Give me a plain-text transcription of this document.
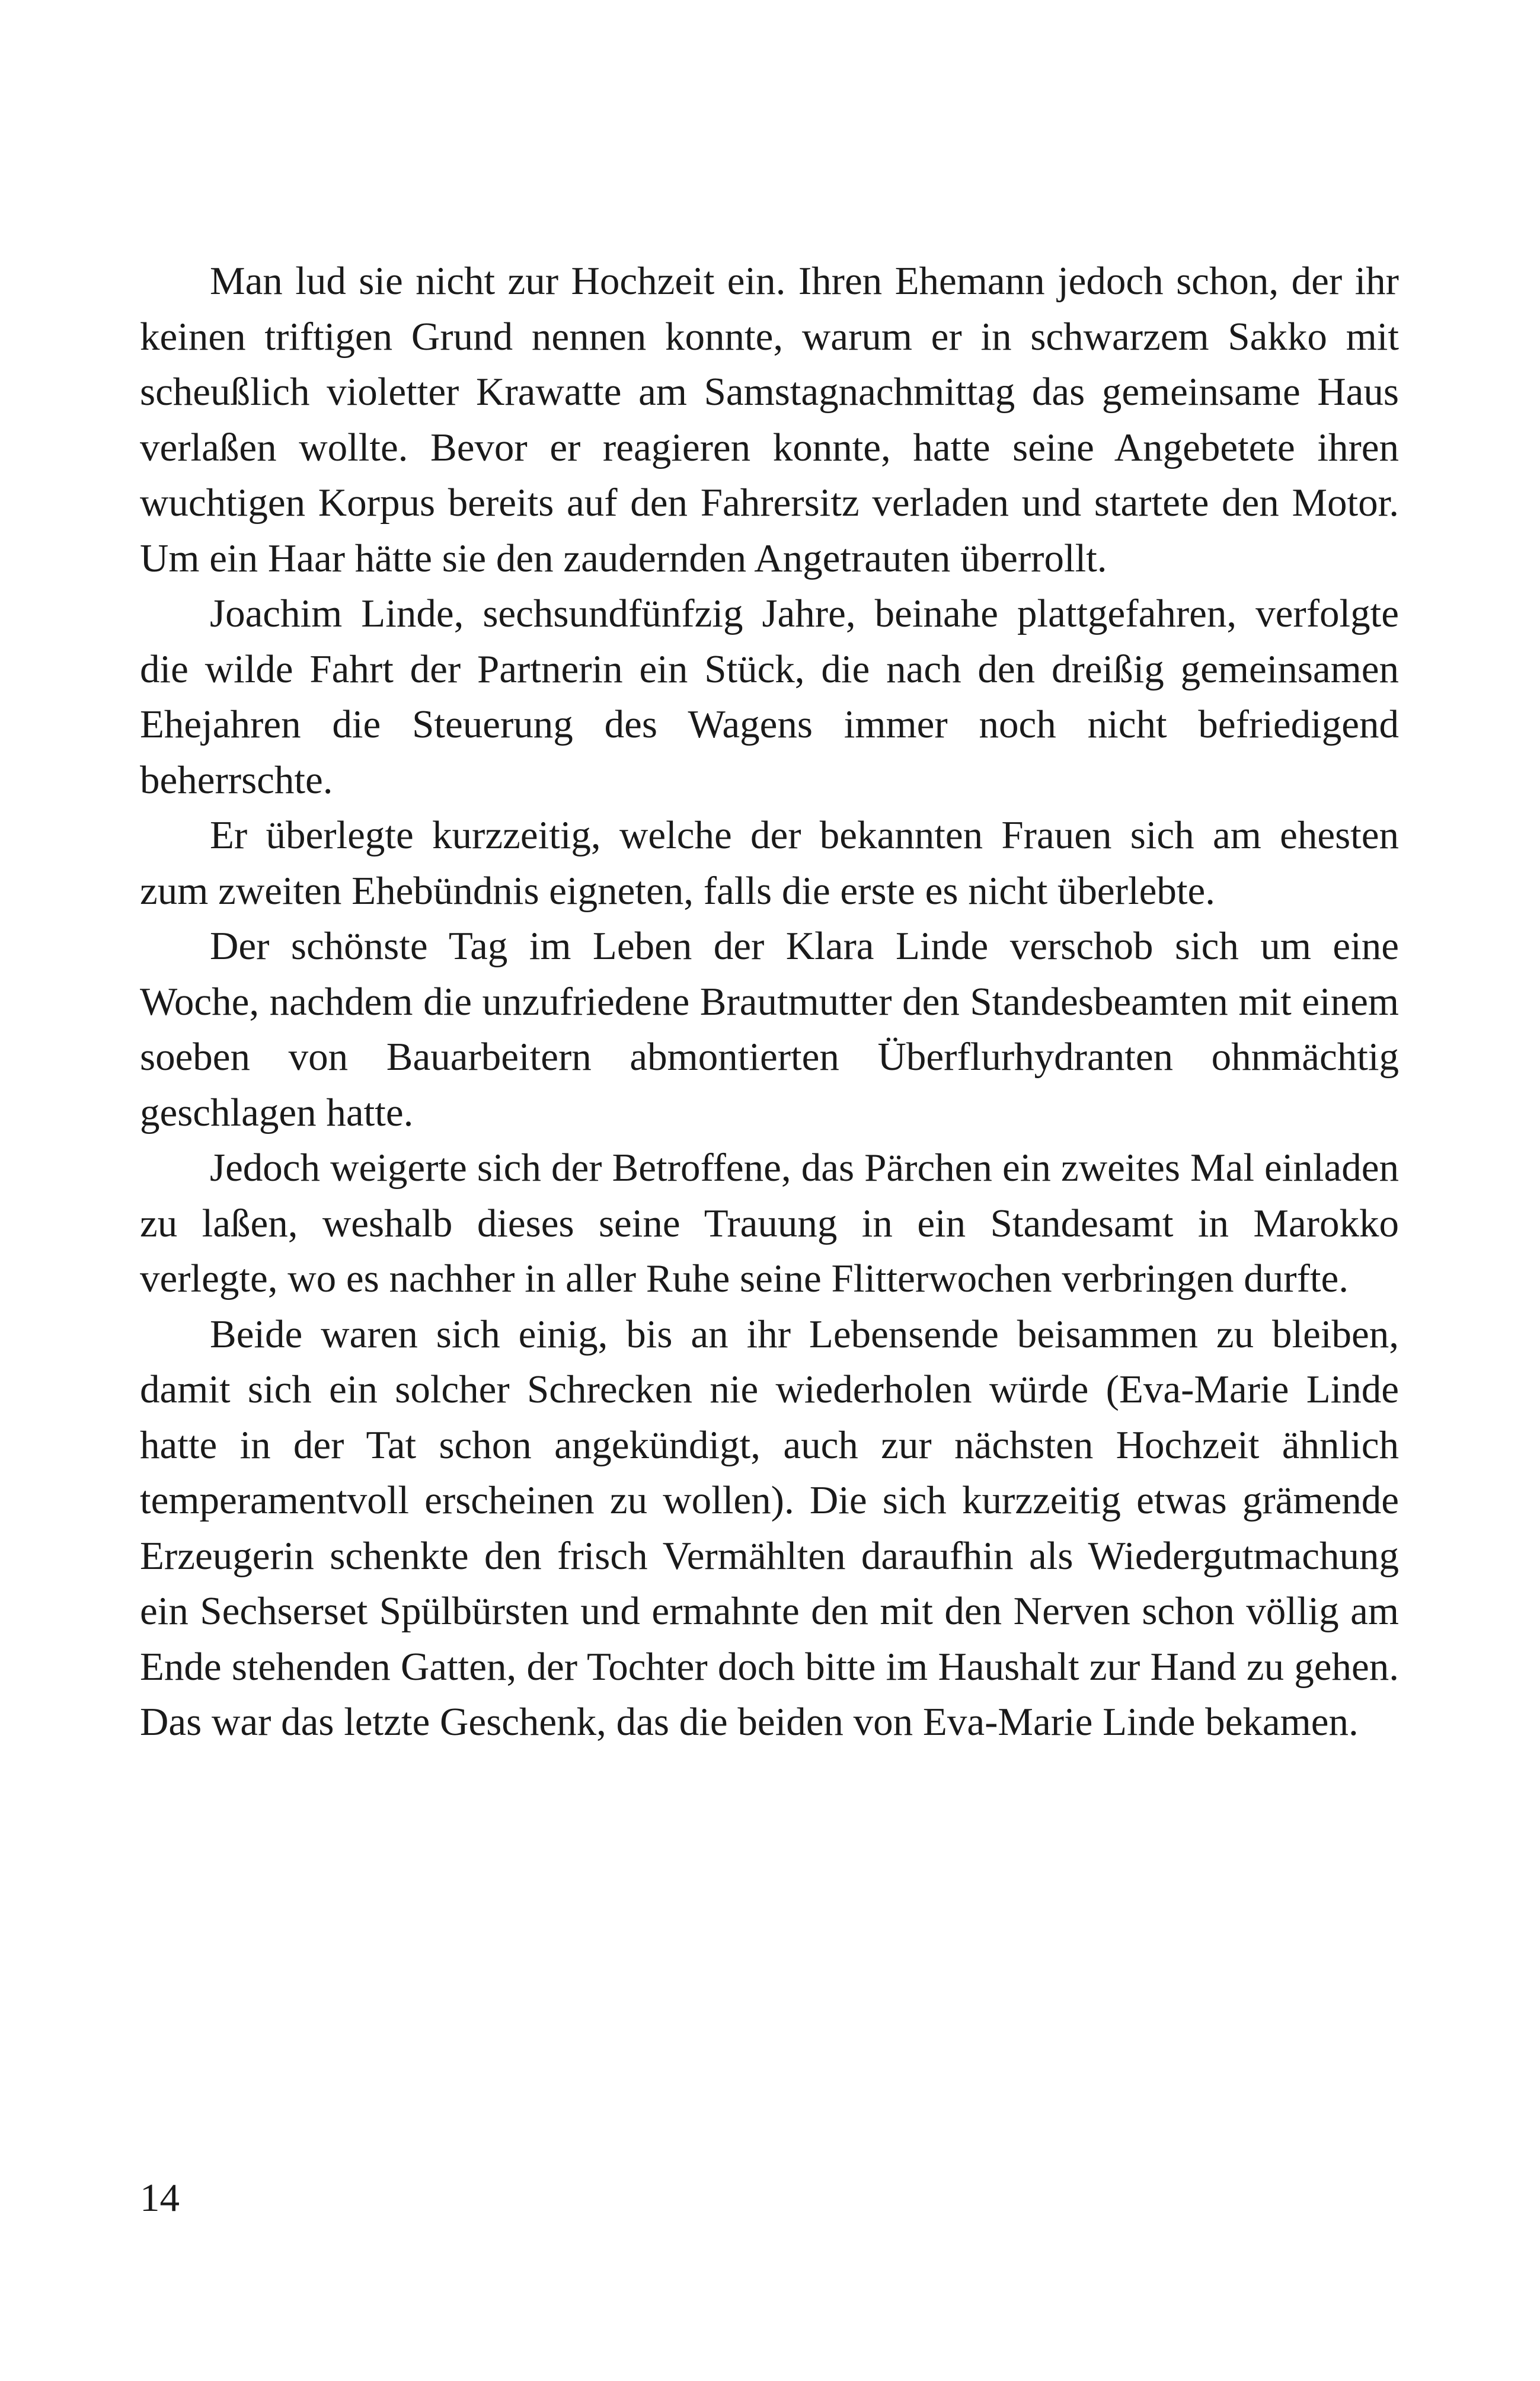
Man lud sie nicht zur Hochzeit ein. Ihren Ehemann jedoch schon, der ihr keinen triftigen Grund nennen konnte, warum er in schwarzem Sakko mit scheußlich violetter Krawatte am Samstagnachmittag das gemeinsame Haus verlaßen wollte. Bevor er reagieren konnte, hatte seine Angebetete ihren wuchtigen Korpus bereits auf den Fahrersitz verladen und startete den Motor. Um ein Haar hätte sie den zaudernden Angetrauten überrollt.

Joachim Linde, sechsundfünfzig Jahre, beinahe plattgefahren, verfolgte die wilde Fahrt der Partnerin ein Stück, die nach den dreißig gemeinsamen Ehejahren die Steuerung des Wagens immer noch nicht befriedigend beherrschte.

Er überlegte kurzzeitig, welche der bekannten Frauen sich am ehesten zum zweiten Ehebündnis eigneten, falls die erste es nicht überlebte.

Der schönste Tag im Leben der Klara Linde verschob sich um eine Woche, nachdem die unzufriedene Brautmutter den Standesbeamten mit einem soeben von Bauarbeitern abmontierten Überflurhydranten ohnmächtig geschlagen hatte.

Jedoch weigerte sich der Betroffene, das Pärchen ein zweites Mal einladen zu laßen, weshalb dieses seine Trauung in ein Standesamt in Marokko verlegte, wo es nachher in aller Ruhe seine Flitterwochen verbringen durfte.

Beide waren sich einig, bis an ihr Lebensende beisammen zu bleiben, damit sich ein solcher Schrecken nie wiederholen würde (Eva-Marie Linde hatte in der Tat schon angekündigt, auch zur nächsten Hochzeit ähnlich temperamentvoll erscheinen zu wollen). Die sich kurzzeitig etwas grämende Erzeugerin schenkte den frisch Vermählten daraufhin als Wiedergutmachung ein Sechserset Spülbürsten und ermahnte den mit den Nerven schon völlig am Ende stehenden Gatten, der Tochter doch bitte im Haushalt zur Hand zu gehen. Das war das letzte Geschenk, das die beiden von Eva-Marie Linde bekamen.

14
